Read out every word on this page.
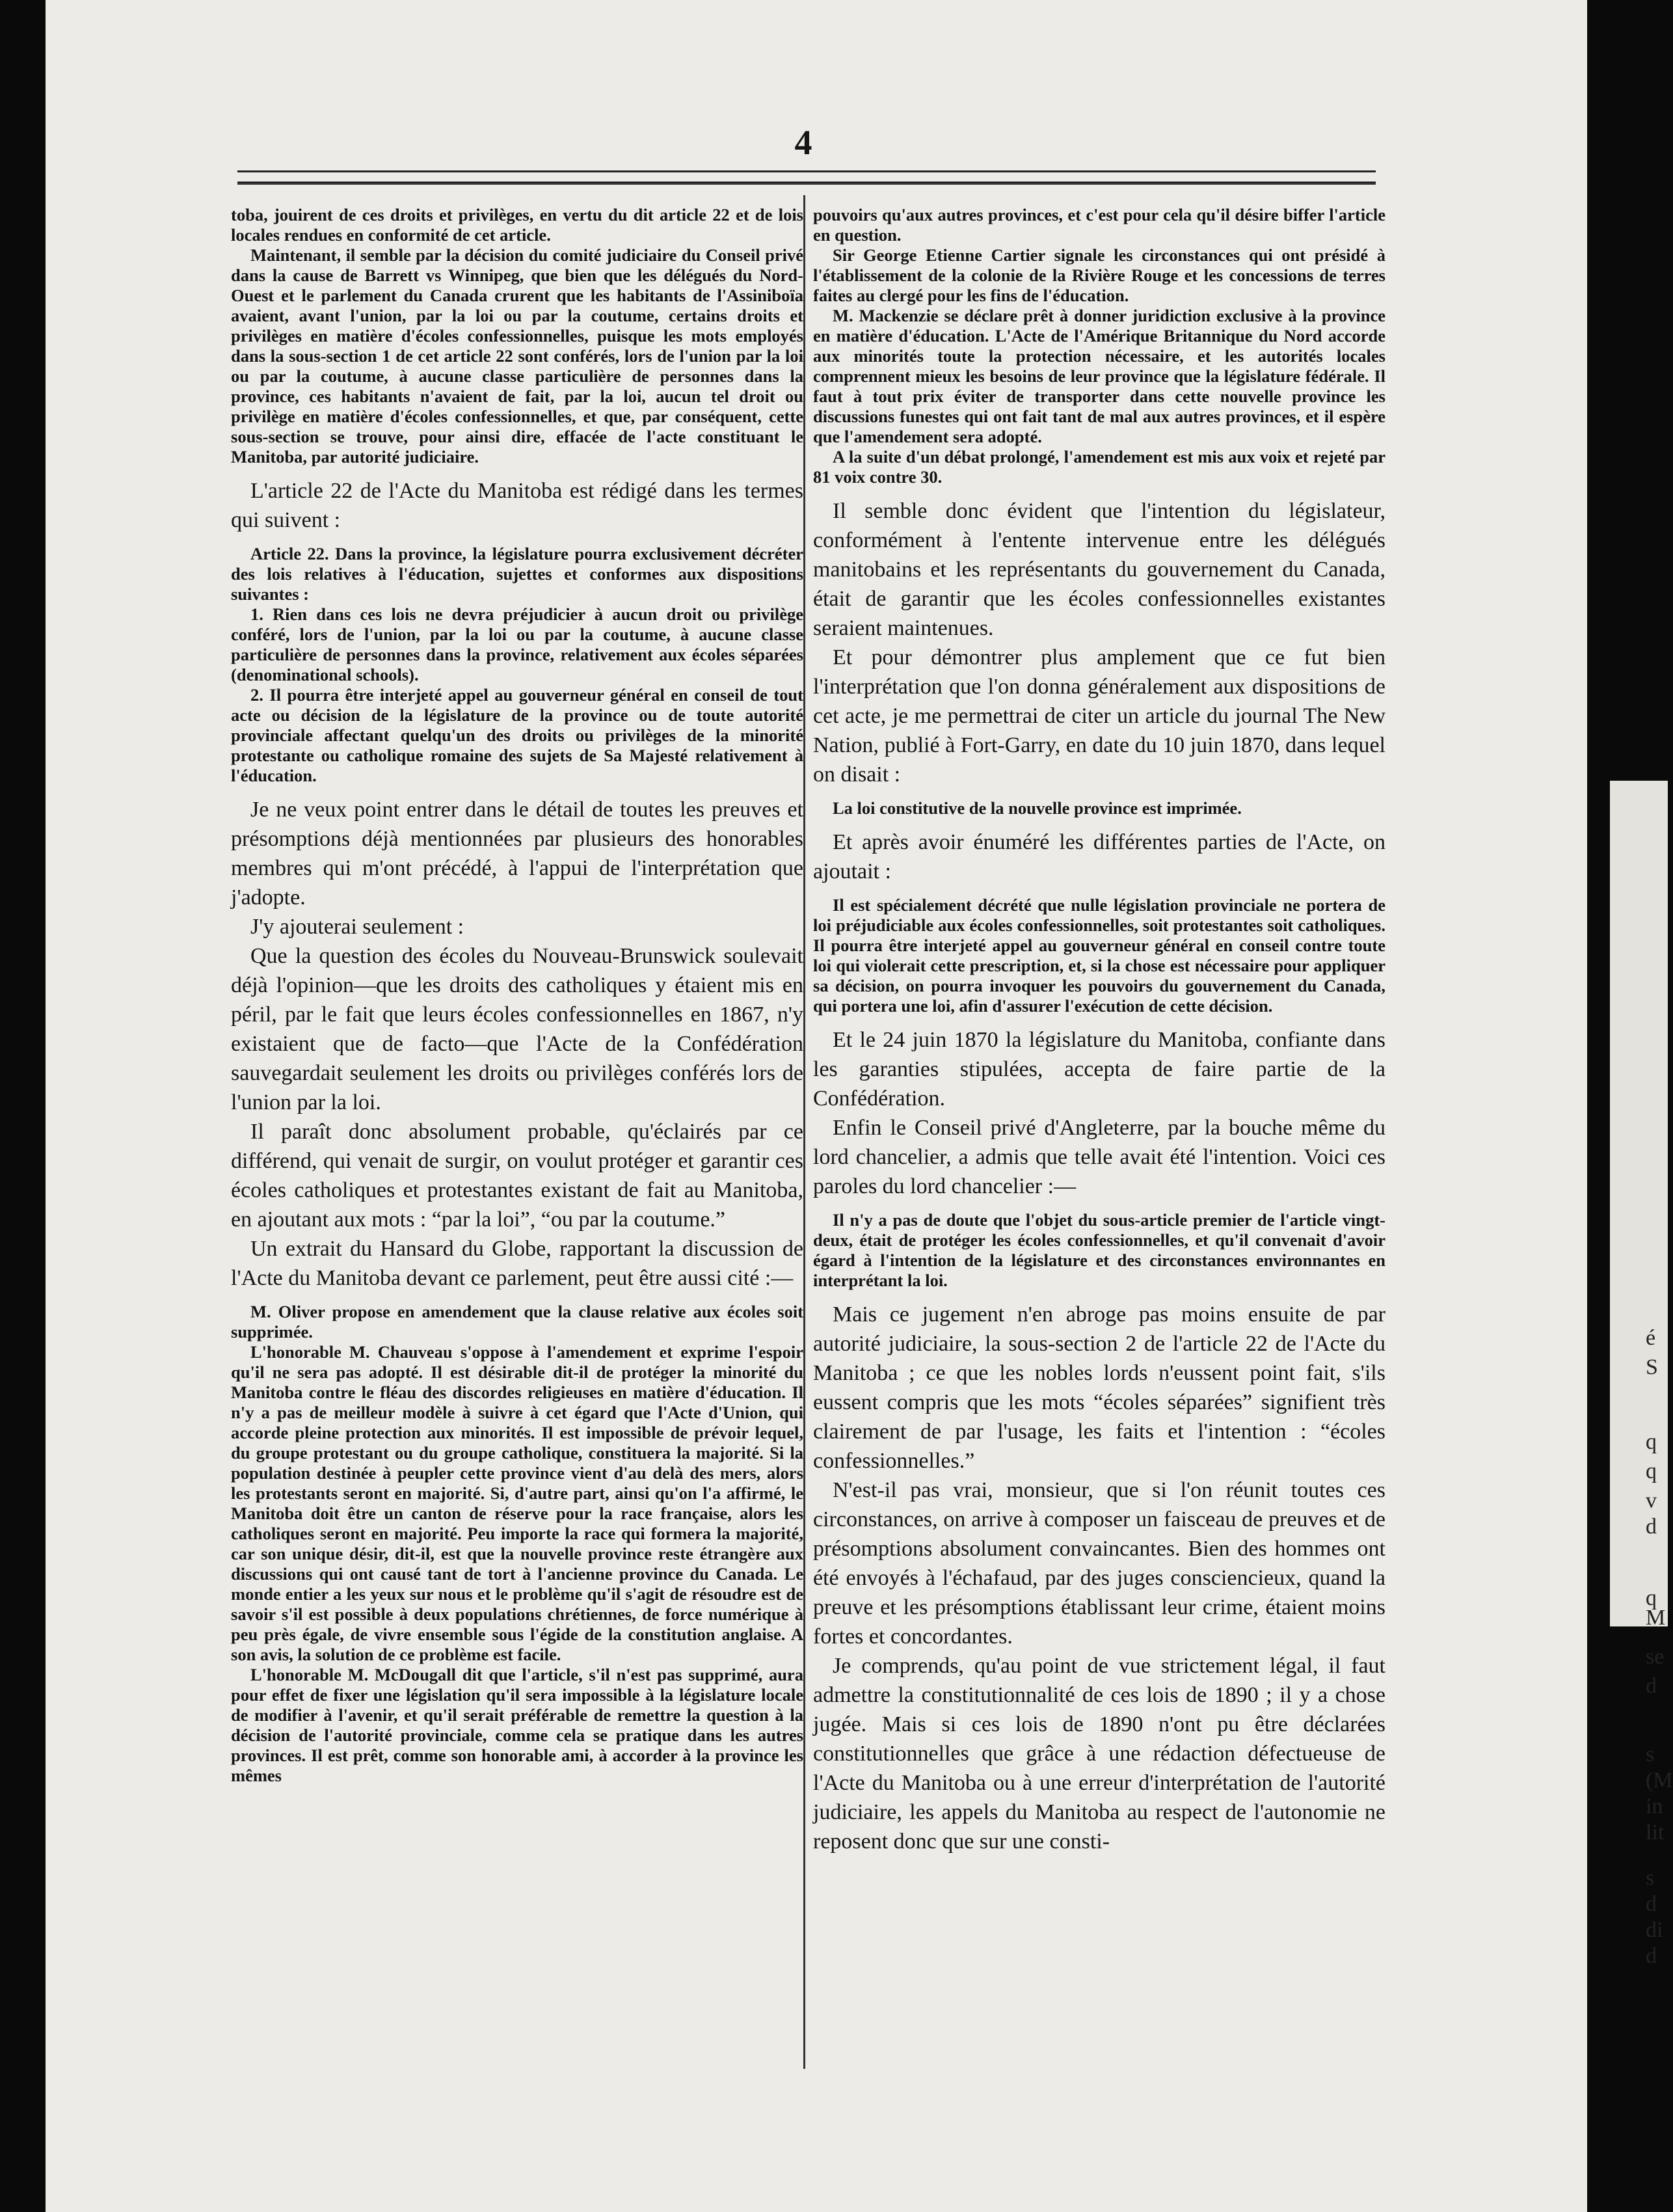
é
S
q
q
v
d
q
M
se
d
s
(M
in
lit
s
d
di
d
4

toba, jouirent de ces droits et privilèges, en vertu du dit article 22 et de lois locales rendues en conformité de cet article.

Maintenant, il semble par la décision du comité judiciaire du Conseil privé dans la cause de Barrett vs Winnipeg, que bien que les délégués du Nord-Ouest et le parlement du Canada crurent que les habitants de l'Assiniboïa avaient, avant l'union, par la loi ou par la coutume, certains droits et privilèges en matière d'écoles confessionnelles, puisque les mots employés dans la sous-section 1 de cet article 22 sont conférés, lors de l'union par la loi ou par la coutume, à aucune classe particulière de personnes dans la province, ces habitants n'avaient de fait, par la loi, aucun tel droit ou privilège en matière d'écoles confessionnelles, et que, par conséquent, cette sous-section se trouve, pour ainsi dire, effacée de l'acte constituant le Manitoba, par autorité judiciaire.

L'article 22 de l'Acte du Manitoba est rédigé dans les termes qui suivent :

Article 22. Dans la province, la législature pourra exclusivement décréter des lois relatives à l'éducation, sujettes et conformes aux dispositions suivantes :

1. Rien dans ces lois ne devra préjudicier à aucun droit ou privilège conféré, lors de l'union, par la loi ou par la coutume, à aucune classe particulière de personnes dans la province, relativement aux écoles séparées (denominational schools).

2. Il pourra être interjeté appel au gouverneur général en conseil de tout acte ou décision de la législature de la province ou de toute autorité provinciale affectant quelqu'un des droits ou privilèges de la minorité protestante ou catholique romaine des sujets de Sa Majesté relativement à l'éducation.

Je ne veux point entrer dans le détail de toutes les preuves et présomptions déjà mentionnées par plusieurs des honorables membres qui m'ont précédé, à l'appui de l'interprétation que j'adopte.

J'y ajouterai seulement :

Que la question des écoles du Nouveau-Brunswick soulevait déjà l'opinion—que les droits des catholiques y étaient mis en péril, par le fait que leurs écoles confessionnelles en 1867, n'y existaient que de facto—que l'Acte de la Confédération sauvegardait seulement les droits ou privilèges conférés lors de l'union par la loi.

Il paraît donc absolument probable, qu'éclairés par ce différend, qui venait de surgir, on voulut protéger et garantir ces écoles catholiques et protestantes existant de fait au Manitoba, en ajoutant aux mots : “par la loi”, “ou par la coutume.”

Un extrait du Hansard du Globe, rapportant la discussion de l'Acte du Manitoba devant ce parlement, peut être aussi cité :—

M. Oliver propose en amendement que la clause relative aux écoles soit supprimée.

L'honorable M. Chauveau s'oppose à l'amendement et exprime l'espoir qu'il ne sera pas adopté. Il est désirable dit-il de protéger la minorité du Manitoba contre le fléau des discordes religieuses en matière d'éducation. Il n'y a pas de meilleur modèle à suivre à cet égard que l'Acte d'Union, qui accorde pleine protection aux minorités. Il est impossible de prévoir lequel, du groupe protestant ou du groupe catholique, constituera la majorité. Si la population destinée à peupler cette province vient d'au delà des mers, alors les protestants seront en majorité. Si, d'autre part, ainsi qu'on l'a affirmé, le Manitoba doit être un canton de réserve pour la race française, alors les catholiques seront en majorité. Peu importe la race qui formera la majorité, car son unique désir, dit-il, est que la nouvelle province reste étrangère aux discussions qui ont causé tant de tort à l'ancienne province du Canada. Le monde entier a les yeux sur nous et le problème qu'il s'agit de résoudre est de savoir s'il est possible à deux populations chrétiennes, de force numérique à peu près égale, de vivre ensemble sous l'égide de la constitution anglaise. A son avis, la solution de ce problème est facile.

L'honorable M. McDougall dit que l'article, s'il n'est pas supprimé, aura pour effet de fixer une législation qu'il sera impossible à la législature locale de modifier à l'avenir, et qu'il serait préférable de remettre la question à la décision de l'autorité provinciale, comme cela se pratique dans les autres provinces. Il est prêt, comme son honorable ami, à accorder à la province les mêmes

pouvoirs qu'aux autres provinces, et c'est pour cela qu'il désire biffer l'article en question.

Sir George Etienne Cartier signale les circonstances qui ont présidé à l'établissement de la colonie de la Rivière Rouge et les concessions de terres faites au clergé pour les fins de l'éducation.

M. Mackenzie se déclare prêt à donner juridiction exclusive à la province en matière d'éducation. L'Acte de l'Amérique Britannique du Nord accorde aux minorités toute la protection nécessaire, et les autorités locales comprennent mieux les besoins de leur province que la législature fédérale. Il faut à tout prix éviter de transporter dans cette nouvelle province les discussions funestes qui ont fait tant de mal aux autres provinces, et il espère que l'amendement sera adopté.

A la suite d'un débat prolongé, l'amendement est mis aux voix et rejeté par 81 voix contre 30.

Il semble donc évident que l'intention du législateur, conformément à l'entente intervenue entre les délégués manitobains et les représentants du gouvernement du Canada, était de garantir que les écoles confessionnelles existantes seraient maintenues.

Et pour démontrer plus amplement que ce fut bien l'interprétation que l'on donna généralement aux dispositions de cet acte, je me permettrai de citer un article du journal The New Nation, publié à Fort-Garry, en date du 10 juin 1870, dans lequel on disait :

La loi constitutive de la nouvelle province est imprimée.

Et après avoir énuméré les différentes parties de l'Acte, on ajoutait :

Il est spécialement décrété que nulle législation provinciale ne portera de loi préjudiciable aux écoles confessionnelles, soit protestantes soit catholiques. Il pourra être interjeté appel au gouverneur général en conseil contre toute loi qui violerait cette prescription, et, si la chose est nécessaire pour appliquer sa décision, on pourra invoquer les pouvoirs du gouvernement du Canada, qui portera une loi, afin d'assurer l'exécution de cette décision.

Et le 24 juin 1870 la législature du Manitoba, confiante dans les garanties stipulées, accepta de faire partie de la Confédération.

Enfin le Conseil privé d'Angleterre, par la bouche même du lord chancelier, a admis que telle avait été l'intention. Voici ces paroles du lord chancelier :—

Il n'y a pas de doute que l'objet du sous-article premier de l'article vingt-deux, était de protéger les écoles confessionnelles, et qu'il convenait d'avoir égard à l'intention de la législature et des circonstances environnantes en interprétant la loi.

Mais ce jugement n'en abroge pas moins ensuite de par autorité judiciaire, la sous-section 2 de l'article 22 de l'Acte du Manitoba ; ce que les nobles lords n'eussent point fait, s'ils eussent compris que les mots “écoles séparées” signifient très clairement de par l'usage, les faits et l'intention : “écoles confessionnelles.”

N'est-il pas vrai, monsieur, que si l'on réunit toutes ces circonstances, on arrive à composer un faisceau de preuves et de présomptions absolument convaincantes. Bien des hommes ont été envoyés à l'échafaud, par des juges consciencieux, quand la preuve et les présomptions établissant leur crime, étaient moins fortes et concordantes.

Je comprends, qu'au point de vue strictement légal, il faut admettre la constitutionnalité de ces lois de 1890 ; il y a chose jugée. Mais si ces lois de 1890 n'ont pu être déclarées constitutionnelles que grâce à une rédaction défectueuse de l'Acte du Manitoba ou à une erreur d'interprétation de l'autorité judiciaire, les appels du Manitoba au respect de l'autonomie ne reposent donc que sur une consti-
